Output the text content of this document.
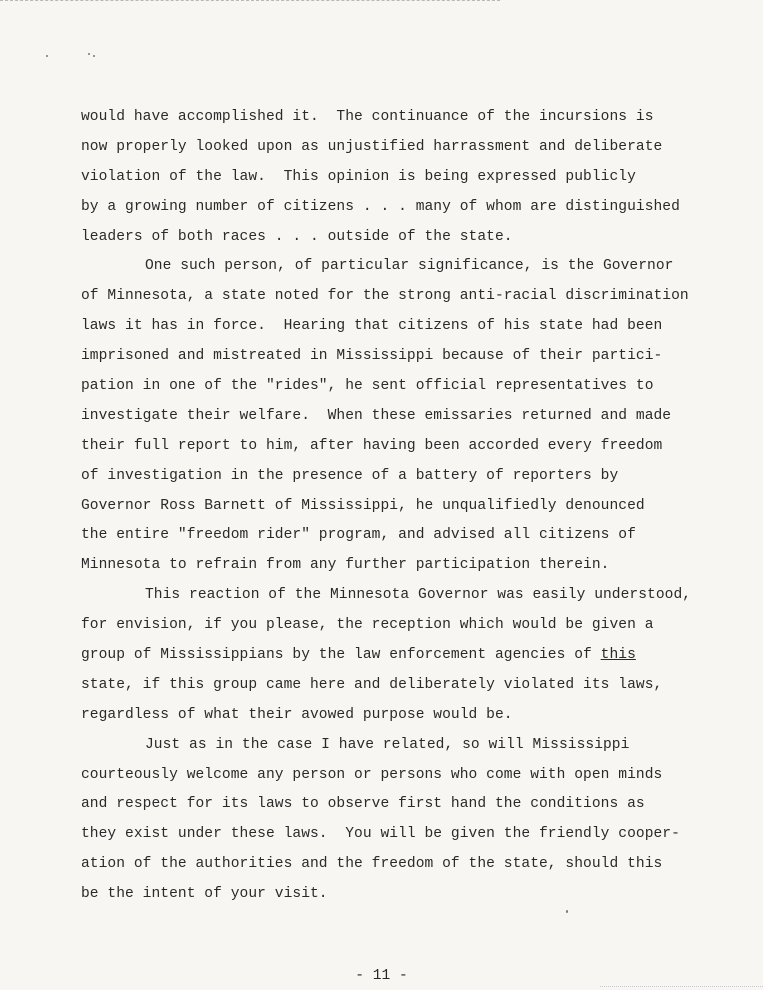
would have accomplished it.  The continuance of the incursions is
now properly looked upon as unjustified harrassment and deliberate
violation of the law.  This opinion is being expressed publicly
by a growing number of citizens . . . many of whom are distinguished
leaders of both races . . . outside of the state.
One such person, of particular significance, is the Governor
of Minnesota, a state noted for the strong anti-racial discrimination
laws it has in force.  Hearing that citizens of his state had been
imprisoned and mistreated in Mississippi because of their partici-
pation in one of the "rides", he sent official representatives to
investigate their welfare.  When these emissaries returned and made
their full report to him, after having been accorded every freedom
of investigation in the presence of a battery of reporters by
Governor Ross Barnett of Mississippi, he unqualifiedly denounced
the entire "freedom rider" program, and advised all citizens of
Minnesota to refrain from any further participation therein.
This reaction of the Minnesota Governor was easily understood,
for envision, if you please, the reception which would be given a
group of Mississippians by the law enforcement agencies of this
state, if this group came here and deliberately violated its laws,
regardless of what their avowed purpose would be.
Just as in the case I have related, so will Mississippi
courteously welcome any person or persons who come with open minds
and respect for its laws to observe first hand the conditions as
they exist under these laws.  You will be given the friendly cooper-
ation of the authorities and the freedom of the state, should this
be the intent of your visit.
- 11 -
